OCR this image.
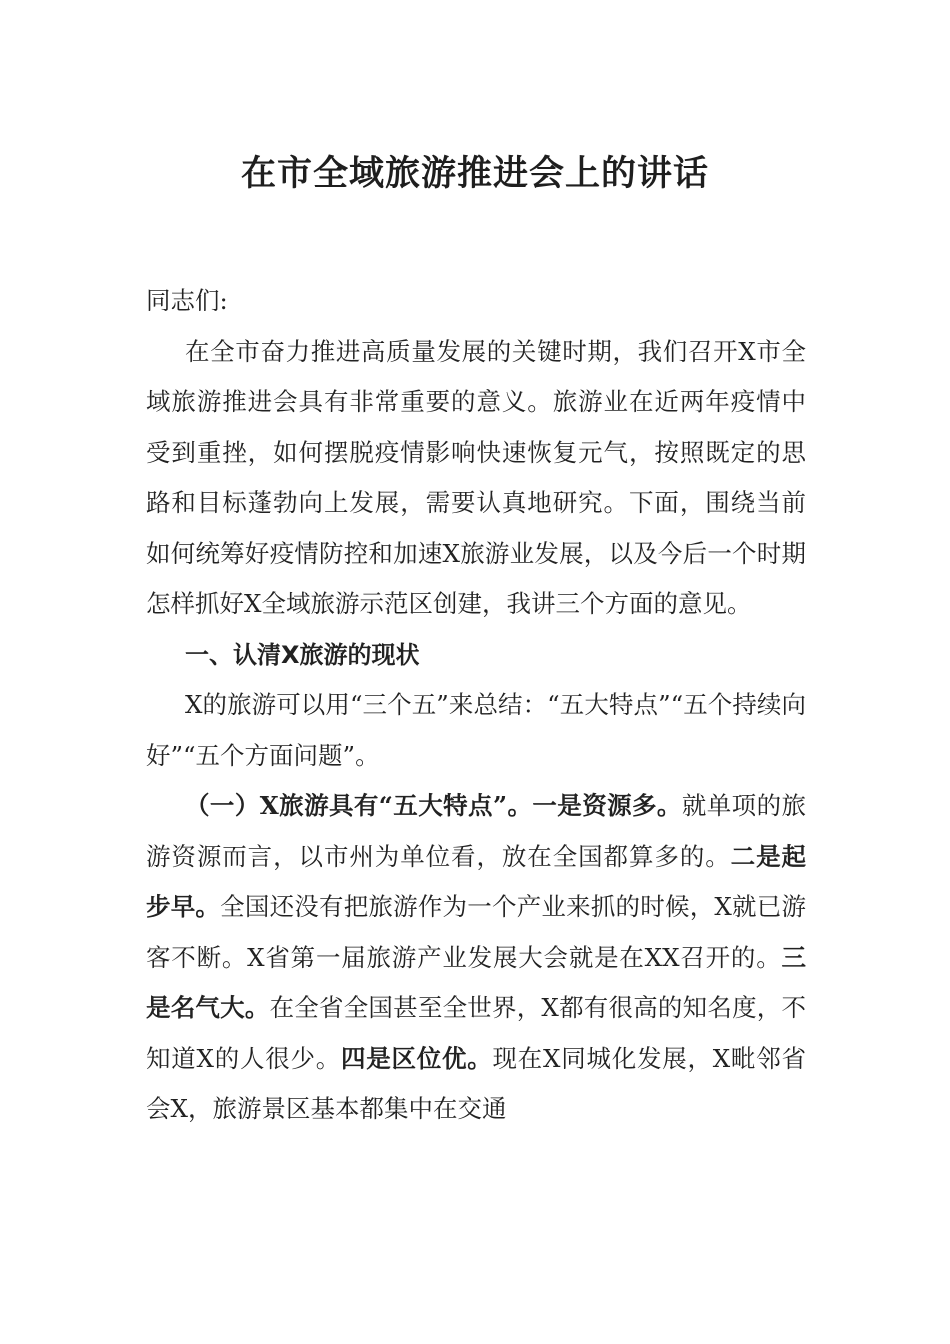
在市全域旅游推进会上的讲话

同志们:

在全市奋力推进高质量发展的关键时期，我们召开X市全域旅游推进会具有非常重要的意义。旅游业在近两年疫情中受到重挫，如何摆脱疫情影响快速恢复元气，按照既定的思路和目标蓬勃向上发展，需要认真地研究。下面，围绕当前如何统筹好疫情防控和加速X旅游业发展，以及今后一个时期怎样抓好X全域旅游示范区创建，我讲三个方面的意见。

一、认清X旅游的现状

X的旅游可以用“三个五”来总结：“五大特点”“五个持续向好”“五个方面问题”。

（一）X旅游具有“五大特点”。一是资源多。就单项的旅游资源而言，以市州为单位看，放在全国都算多的。二是起步早。全国还没有把旅游作为一个产业来抓的时候，X就已游客不断。X省第一届旅游产业发展大会就是在XX召开的。三是名气大。在全省全国甚至全世界，X都有很高的知名度，不知道X的人很少。四是区位优。现在X同城化发展，X毗邻省会X，旅游景区基本都集中在交通
